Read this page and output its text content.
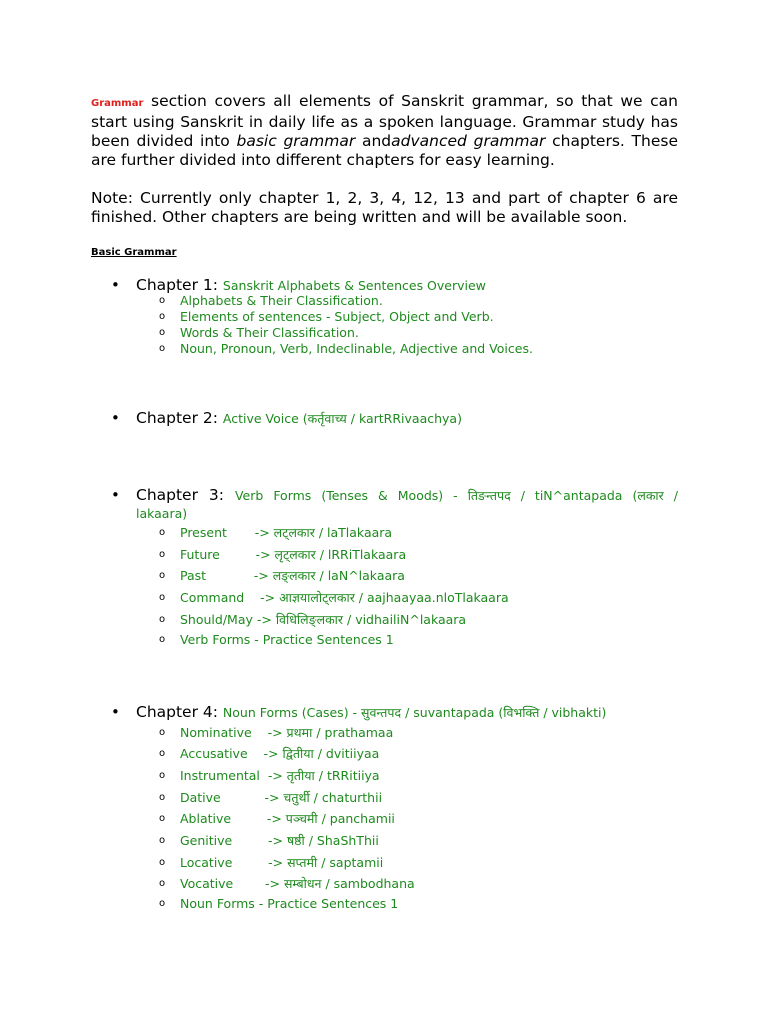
Grammar section covers all elements of Sanskrit grammar, so that we can start using Sanskrit in daily life as a spoken language. Grammar study has been divided into basic grammar andadvanced grammar chapters. These are further divided into different chapters for easy learning.

Note: Currently only chapter 1, 2, 3, 4, 12, 13 and part of chapter 6 are finished. Other chapters are being written and will be available soon.

Basic Grammar

• Chapter 1: Sanskrit Alphabets & Sentences Overview
o Alphabets & Their Classification.
o Elements of sentences - Subject, Object and Verb.
o Words & Their Classification.
o Noun, Pronoun, Verb, Indeclinable, Adjective and Voices.
• Chapter 2: Active Voice (कर्तृवाच्य / kartRRivaachya)
• Chapter 3: Verb Forms (Tenses & Moods) - तिङन्तपद / tiN^antapada (लकार /
lakaara)
o Present       -> लट्लकार / laTlakaara
o Future         -> लृट्लकार / lRRiTlakaara
o Past            -> लङ्लकार / laN^lakaara
o Command    -> आज्ञयालोट्लकार / aajhaayaa.nloTlakaara
o Should/May -> विधिलिङ्लकार / vidhailiN^lakaara
o Verb Forms - Practice Sentences 1
• Chapter 4: Noun Forms (Cases) - सुवन्तपद / suvantapada (विभक्ति / vibhakti)
o Nominative    -> प्रथमा / prathamaa
o Accusative    -> द्वितीया / dvitiiyaa
o Instrumental  -> तृतीया / tRRitiiya
o Dative           -> चतुर्थी / chaturthii
o Ablative         -> पञ्चमी / panchamii
o Genitive         -> षष्ठी / ShaShThii
o Locative         -> सप्तमी / saptamii
o Vocative        -> सम्बोधन / sambodhana
o Noun Forms - Practice Sentences 1
